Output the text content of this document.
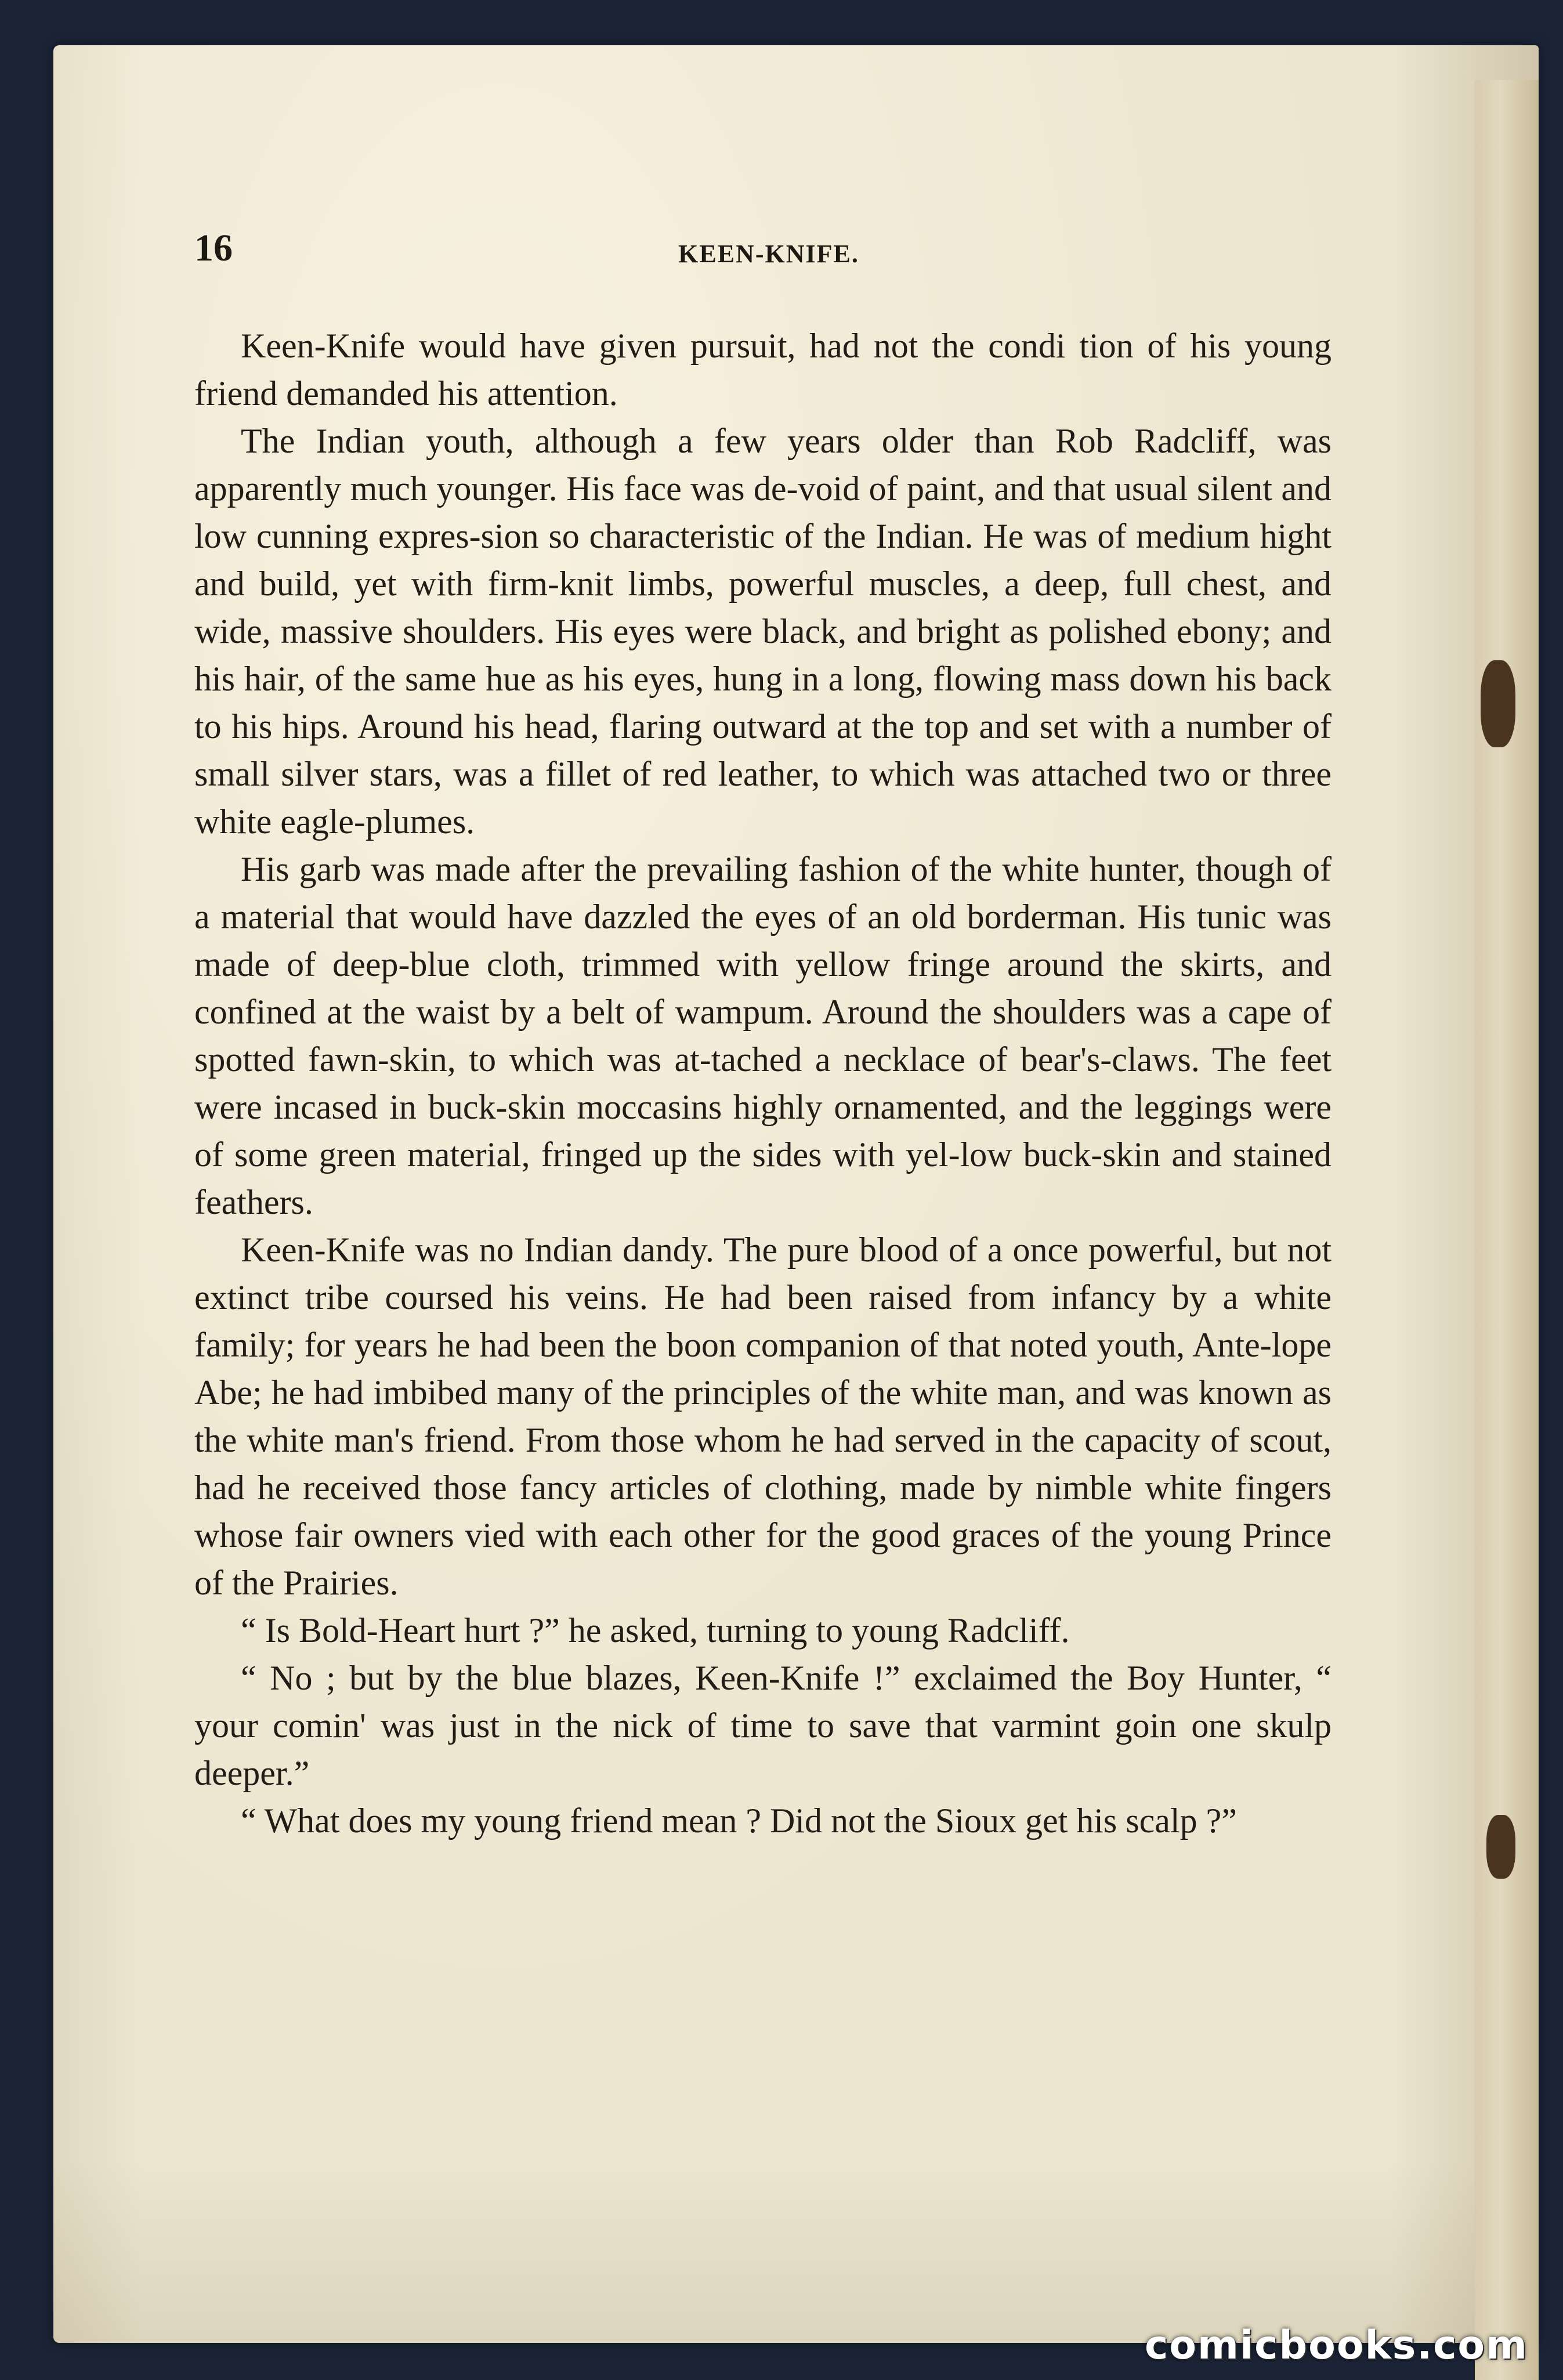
16	KEEN-KNIFE.

Keen-Knife would have given pursuit, had not the condi tion of his young friend demanded his attention.

The Indian youth, although a few years older than Rob Radcliff, was apparently much younger. His face was de-void of paint, and that usual silent and low cunning expres-sion so characteristic of the Indian. He was of medium hight and build, yet with firm-knit limbs, powerful muscles, a deep, full chest, and wide, massive shoulders. His eyes were black, and bright as polished ebony; and his hair, of the same hue as his eyes, hung in a long, flowing mass down his back to his hips. Around his head, flaring outward at the top and set with a number of small silver stars, was a fillet of red leather, to which was attached two or three white eagle-plumes.

His garb was made after the prevailing fashion of the white hunter, though of a material that would have dazzled the eyes of an old borderman. His tunic was made of deep-blue cloth, trimmed with yellow fringe around the skirts, and confined at the waist by a belt of wampum. Around the shoulders was a cape of spotted fawn-skin, to which was at-tached a necklace of bear's-claws. The feet were incased in buck-skin moccasins highly ornamented, and the leggings were of some green material, fringed up the sides with yel-low buck-skin and stained feathers.

Keen-Knife was no Indian dandy. The pure blood of a once powerful, but not extinct tribe coursed his veins. He had been raised from infancy by a white family; for years he had been the boon companion of that noted youth, Ante-lope Abe; he had imbibed many of the principles of the white man, and was known as the white man's friend. From those whom he had served in the capacity of scout, had he received those fancy articles of clothing, made by nimble white fingers whose fair owners vied with each other for the good graces of the young Prince of the Prairies.

“ Is Bold-Heart hurt ?” he asked, turning to young Radcliff.

“ No ; but by the blue blazes, Keen-Knife !” exclaimed the Boy Hunter, “ your comin' was just in the nick of time to save that varmint goin one skulp deeper.”

“ What does my young friend mean ? Did not the Sioux get his scalp ?”

comicbooks.com
